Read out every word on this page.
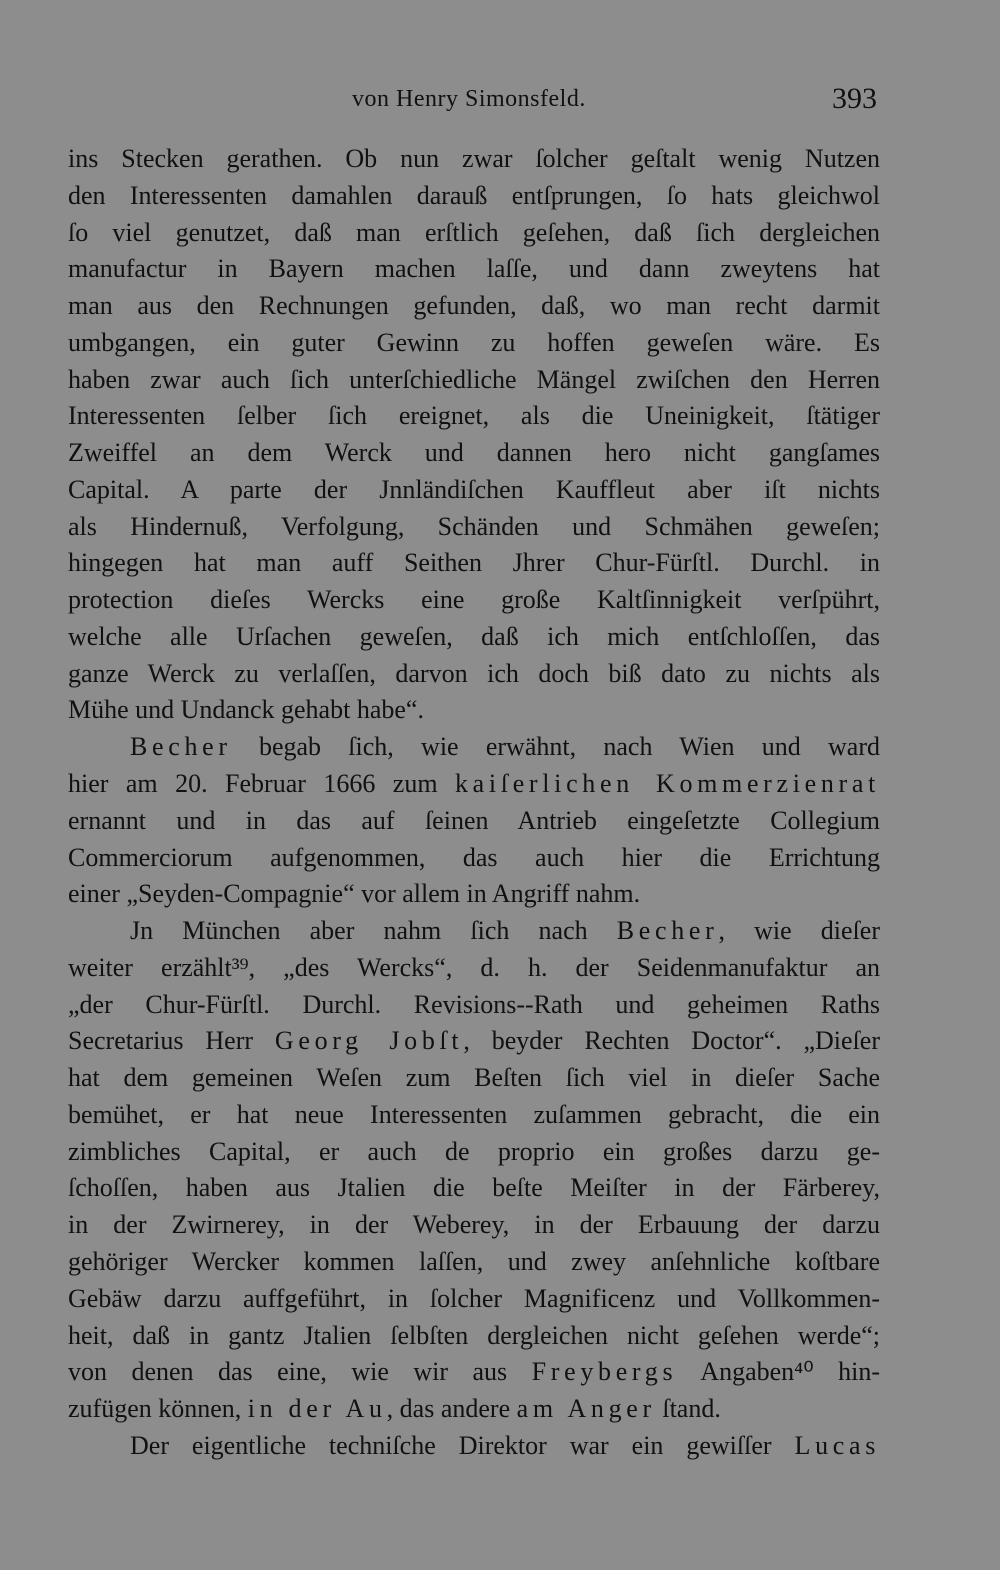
von Henry Simonsfeld.	393
ins Stecken gerathen. Ob nun zwar ſolcher geſtalt wenig Nutzen
den Interessenten damahlen darauß entſprungen, ſo hats gleichwol
ſo viel genutzet, daß man erſtlich geſehen, daß ſich dergleichen
manufactur in Bayern machen laſſe, und dann zweytens hat
man aus den Rechnungen gefunden, daß, wo man recht darmit
umbgangen, ein guter Gewinn zu hoffen geweſen wäre. Es
haben zwar auch ſich unterſchiedliche Mängel zwiſchen den Herren
Interessenten ſelber ſich ereignet, als die Uneinigkeit, ſtätiger
Zweiffel an dem Werck und dannen hero nicht gangſames
Capital. A parte der Jnnländiſchen Kauffleut aber iſt nichts
als Hindernuß, Verfolgung, Schänden und Schmähen geweſen;
hingegen hat man auff Seithen Jhrer Chur-Fürſtl. Durchl. in
protection dieſes Wercks eine große Kaltſinnigkeit verſpührt,
welche alle Urſachen geweſen, daß ich mich entſchloſſen, das
ganze Werck zu verlaſſen, darvon ich doch biß dato zu nichts als
Mühe und Undanck gehabt habe“.
Becher begab ſich, wie erwähnt, nach Wien und ward
hier am 20. Februar 1666 zum kaiſerlichen Kommerzienrat
ernannt und in das auf ſeinen Antrieb eingeſetzte Collegium
Commerciorum aufgenommen, das auch hier die Errichtung
einer „Seyden-Compagnie“ vor allem in Angriff nahm.
Jn München aber nahm ſich nach Becher, wie dieſer
weiter erzählt³⁹, „des Wercks“, d. h. der Seidenmanufaktur an
„der Chur-Fürſtl. Durchl. Revisions--Rath und geheimen Raths
Secretarius Herr Georg Jobſt, beyder Rechten Doctor“. „Dieſer
hat dem gemeinen Weſen zum Beſten ſich viel in dieſer Sache
bemühet, er hat neue Interessenten zuſammen gebracht, die ein
zimbliches Capital, er auch de proprio ein großes darzu ge-
ſchoſſen, haben aus Jtalien die beſte Meiſter in der Färberey,
in der Zwirnerey, in der Weberey, in der Erbauung der darzu
gehöriger Wercker kommen laſſen, und zwey anſehnliche koſtbare
Gebäw darzu auffgeführt, in ſolcher Magnificenz und Vollkommen-
heit, daß in gantz Jtalien ſelbſten dergleichen nicht geſehen werde“;
von denen das eine, wie wir aus Freybergs Angaben⁴⁰ hin-
zufügen können, in der Au, das andere am Anger ſtand.
Der eigentliche techniſche Direktor war ein gewiſſer Lucas
